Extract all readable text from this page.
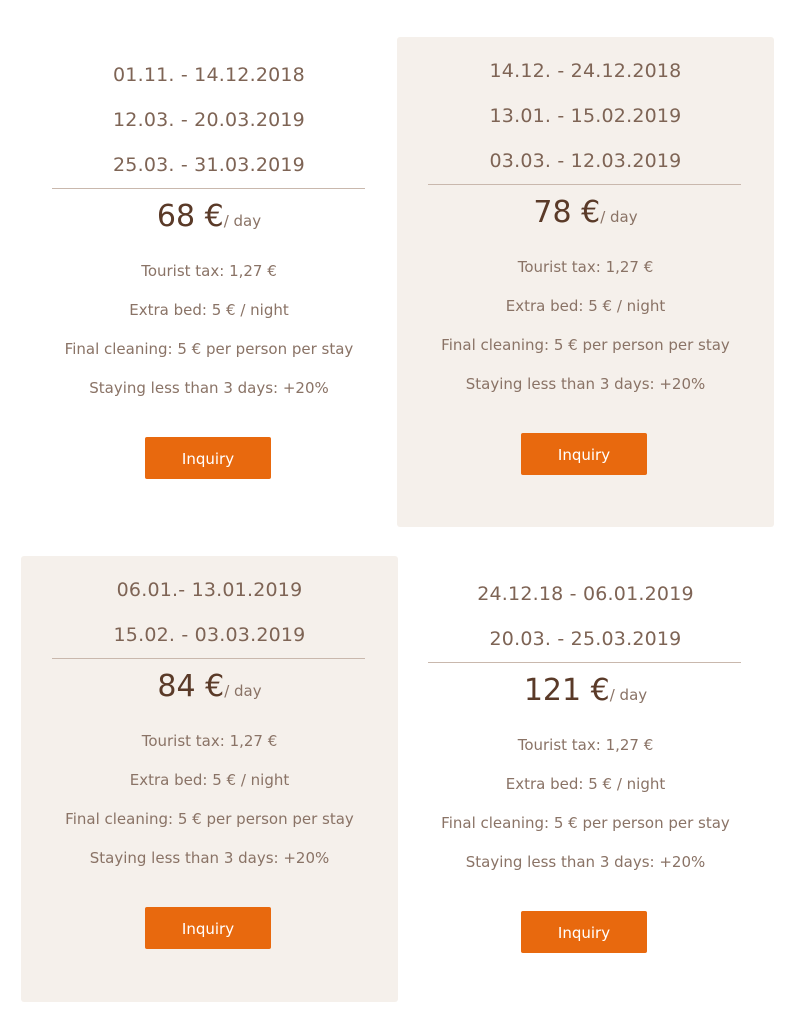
01.11. - 14.12.2018
12.03. - 20.03.2019
25.03. - 31.03.2019
68 €/ day
Tourist tax: 1,27 €
Extra bed: 5 € / night
Final cleaning: 5 € per person per stay
Staying less than 3 days: +20%
Inquiry
14.12. - 24.12.2018
13.01. - 15.02.2019
03.03. - 12.03.2019
78 €/ day
Tourist tax: 1,27 €
Extra bed: 5 € / night
Final cleaning: 5 € per person per stay
Staying less than 3 days: +20%
Inquiry
06.01.- 13.01.2019
15.02. - 03.03.2019
84 €/ day
Tourist tax: 1,27 €
Extra bed: 5 € / night
Final cleaning: 5 € per person per stay
Staying less than 3 days: +20%
Inquiry
24.12.18 - 06.01.2019
20.03. - 25.03.2019
121 €/ day
Tourist tax: 1,27 €
Extra bed: 5 € / night
Final cleaning: 5 € per person per stay
Staying less than 3 days: +20%
Inquiry
